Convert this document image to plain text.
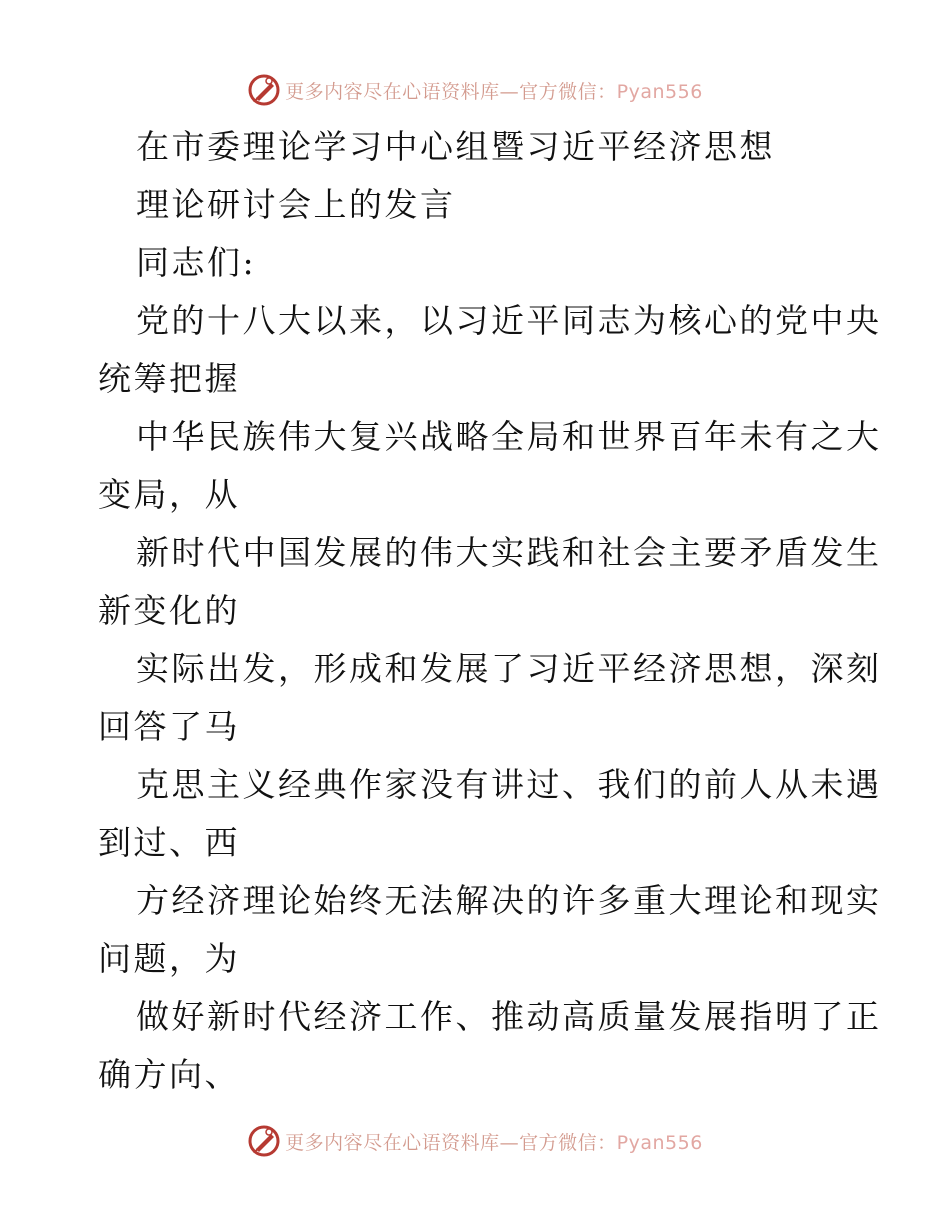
更多内容尽在心语资料库—官方微信：Pyan556
在市委理论学习中心组暨习近平经济思想
理论研讨会上的发言
同志们:
党的十八大以来，以习近平同志为核心的党中央
统筹把握
中华民族伟大复兴战略全局和世界百年未有之大
变局，从
新时代中国发展的伟大实践和社会主要矛盾发生
新变化的
实际出发，形成和发展了习近平经济思想，深刻
回答了马
克思主义经典作家没有讲过、我们的前人从未遇
到过、西
方经济理论始终无法解决的许多重大理论和现实
问题，为
做好新时代经济工作、推动高质量发展指明了正
确方向、
更多内容尽在心语资料库—官方微信：Pyan556
